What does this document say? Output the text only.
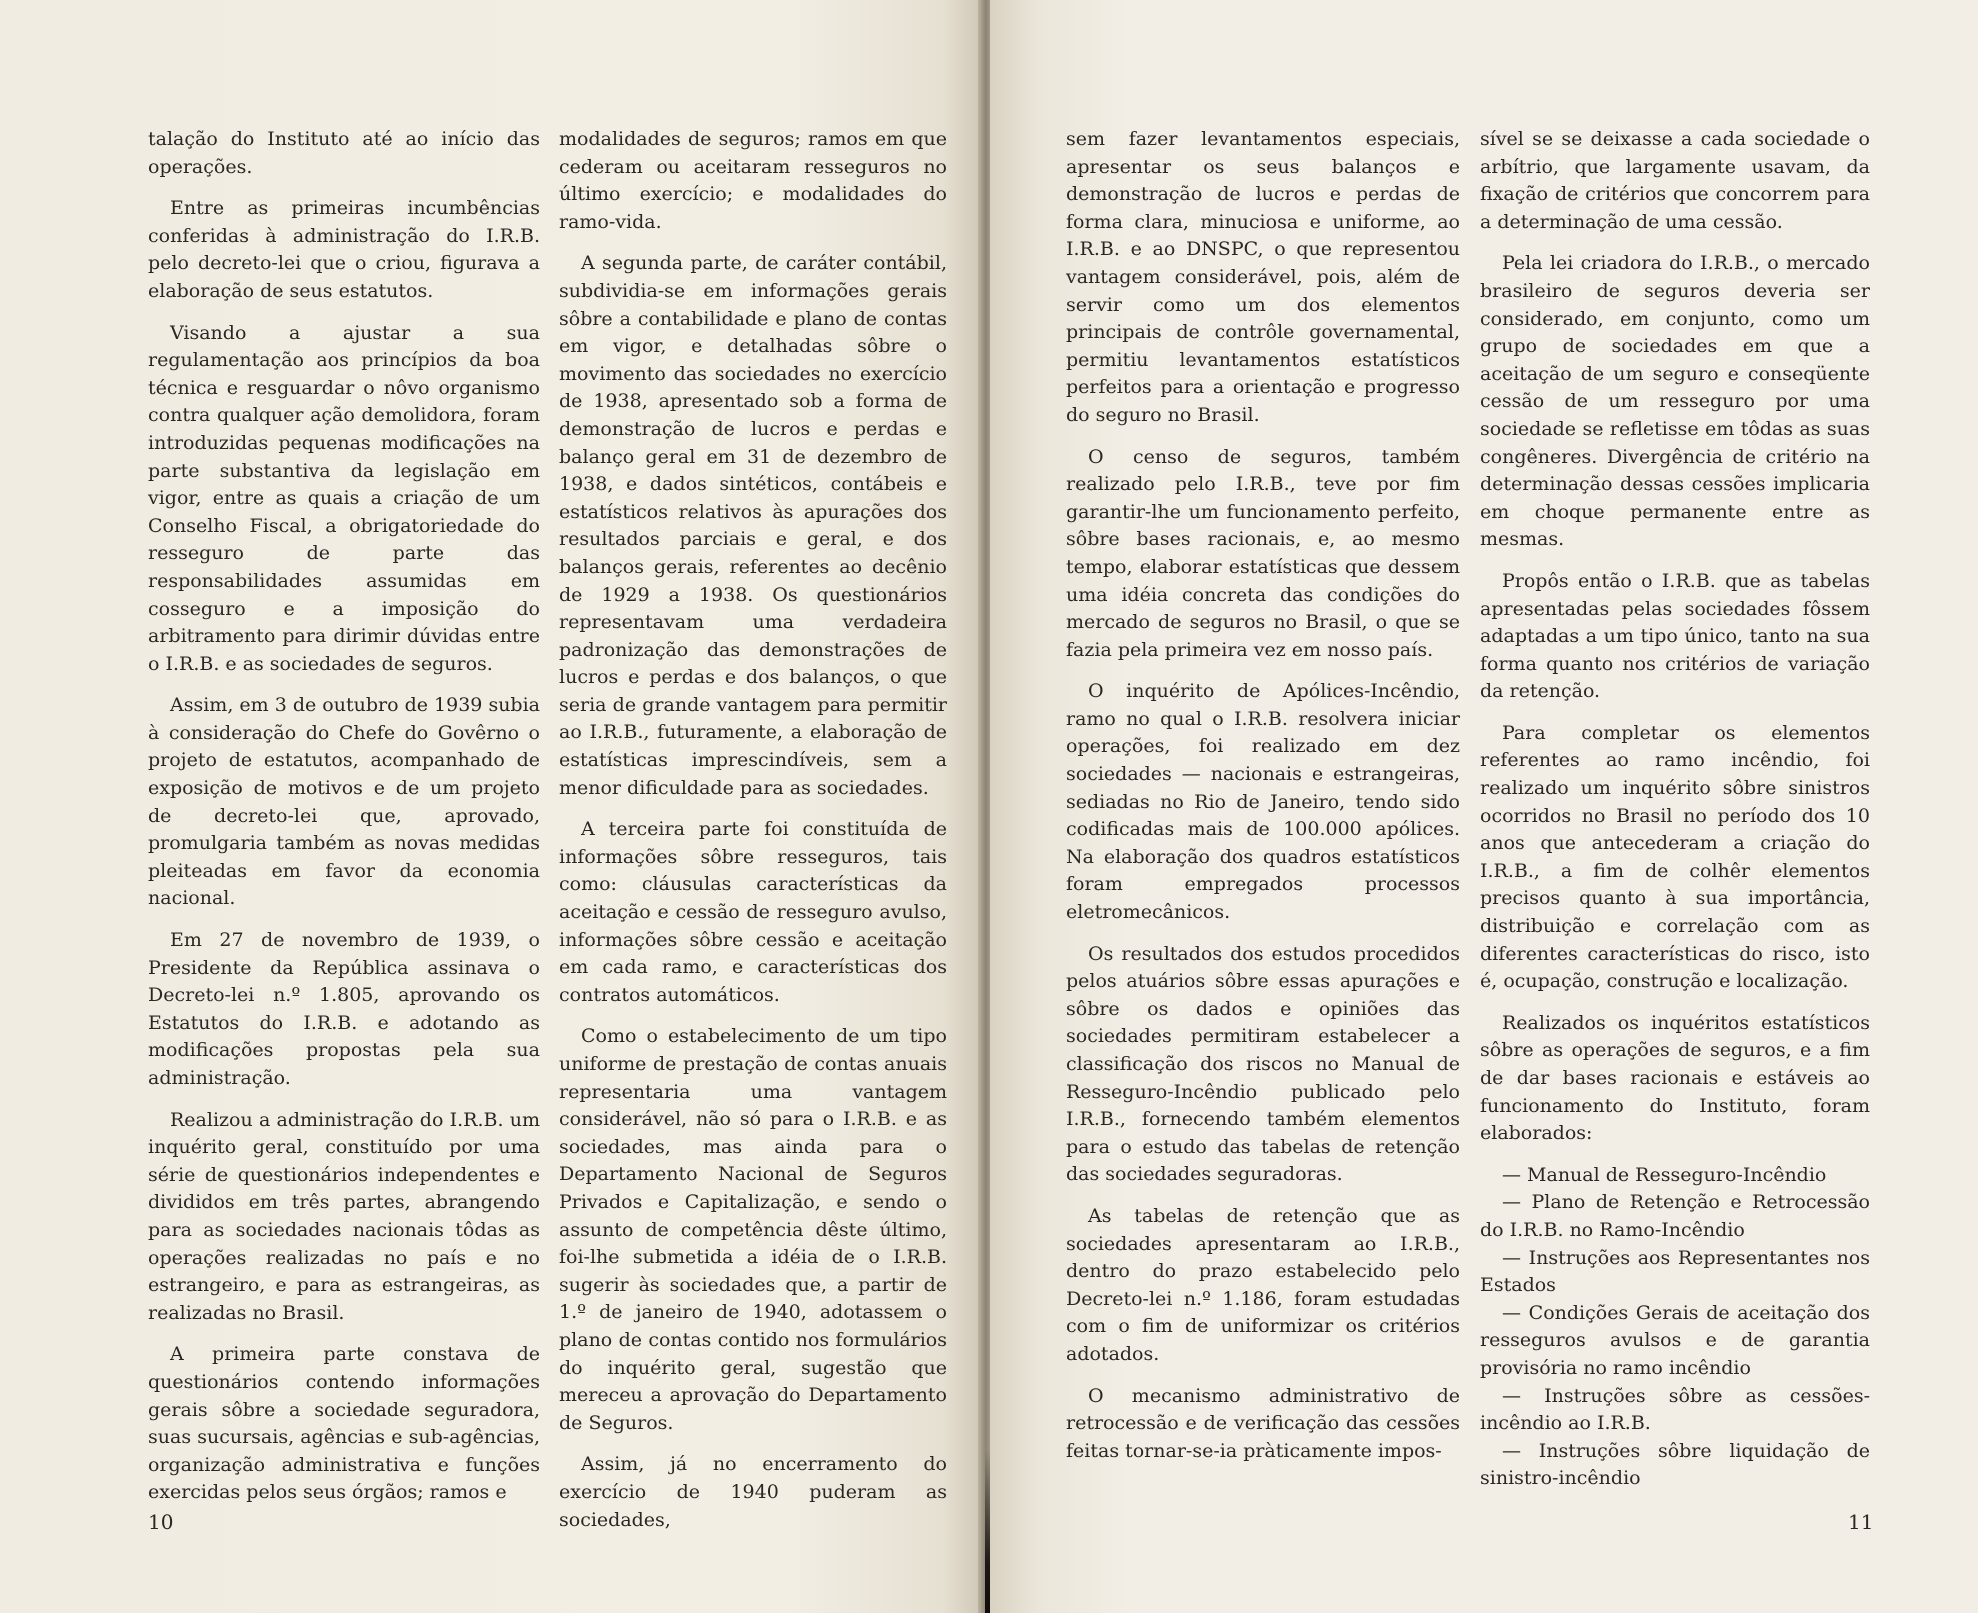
talação do Instituto até ao início das operações.

Entre as primeiras incumbências conferidas à administração do I.R.B. pelo decreto-lei que o criou, figurava a elaboração de seus estatutos.

Visando a ajustar a sua regulamentação aos princípios da boa técnica e resguardar o nôvo organismo contra qualquer ação demolidora, foram introduzidas pequenas modificações na parte substantiva da legislação em vigor, entre as quais a criação de um Conselho Fiscal, a obrigatoriedade do resseguro de parte das responsabilidades assumidas em cosseguro e a imposição do arbitramento para dirimir dúvidas entre o I.R.B. e as sociedades de seguros.

Assim, em 3 de outubro de 1939 subia à consideração do Chefe do Govêrno o projeto de estatutos, acompanhado de exposição de motivos e de um projeto de decreto-lei que, aprovado, promulgaria também as novas medidas pleiteadas em favor da economia nacional.

Em 27 de novembro de 1939, o Presidente da República assinava o Decreto-lei n.º 1.805, aprovando os Estatutos do I.R.B. e adotando as modificações propostas pela sua administração.

Realizou a administração do I.R.B. um inquérito geral, constituído por uma série de questionários independentes e divididos em três partes, abrangendo para as sociedades nacionais tôdas as operações realizadas no país e no estrangeiro, e para as estrangeiras, as realizadas no Brasil.

A primeira parte constava de questionários contendo informações gerais sôbre a sociedade seguradora, suas sucursais, agências e sub-agências, organização administrativa e funções exercidas pelos seus órgãos; ramos e

modalidades de seguros; ramos em que cederam ou aceitaram resseguros no último exercício; e modalidades do ramo-vida.

A segunda parte, de caráter contábil, subdividia-se em informações gerais sôbre a contabilidade e plano de contas em vigor, e detalhadas sôbre o movimento das sociedades no exercício de 1938, apresentado sob a forma de demonstração de lucros e perdas e balanço geral em 31 de dezembro de 1938, e dados sintéticos, contábeis e estatísticos relativos às apurações dos resultados parciais e geral, e dos balanços gerais, referentes ao decênio de 1929 a 1938. Os questionários representavam uma verdadeira padronização das demonstrações de lucros e perdas e dos balanços, o que seria de grande vantagem para permitir ao I.R.B., futuramente, a elaboração de estatísticas imprescindíveis, sem a menor dificuldade para as sociedades.

A terceira parte foi constituída de informações sôbre resseguros, tais como: cláusulas características da aceitação e cessão de resseguro avulso, informações sôbre cessão e aceitação em cada ramo, e características dos contratos automáticos.

Como o estabelecimento de um tipo uniforme de prestação de contas anuais representaria uma vantagem considerável, não só para o I.R.B. e as sociedades, mas ainda para o Departamento Nacional de Seguros Privados e Capitalização, e sendo o assunto de competência dêste último, foi-lhe submetida a idéia de o I.R.B. sugerir às sociedades que, a partir de 1.º de janeiro de 1940, adotassem o plano de contas contido nos formulários do inquérito geral, sugestão que mereceu a aprovação do Departamento de Seguros.

Assim, já no encerramento do exercício de 1940 puderam as sociedades,

10

sem fazer levantamentos especiais, apresentar os seus balanços e demonstração de lucros e perdas de forma clara, minuciosa e uniforme, ao I.R.B. e ao DNSPC, o que representou vantagem considerável, pois, além de servir como um dos elementos principais de contrôle governamental, permitiu levantamentos estatísticos perfeitos para a orientação e progresso do seguro no Brasil.

O censo de seguros, também realizado pelo I.R.B., teve por fim garantir-lhe um funcionamento perfeito, sôbre bases racionais, e, ao mesmo tempo, elaborar estatísticas que dessem uma idéia concreta das condições do mercado de seguros no Brasil, o que se fazia pela primeira vez em nosso país.

O inquérito de Apólices-Incêndio, ramo no qual o I.R.B. resolvera iniciar operações, foi realizado em dez sociedades — nacionais e estrangeiras, sediadas no Rio de Janeiro, tendo sido codificadas mais de 100.000 apólices. Na elaboração dos quadros estatísticos foram empregados processos eletromecânicos.

Os resultados dos estudos procedidos pelos atuários sôbre essas apurações e sôbre os dados e opiniões das sociedades permitiram estabelecer a classificação dos riscos no Manual de Resseguro-Incêndio publicado pelo I.R.B., fornecendo também elementos para o estudo das tabelas de retenção das sociedades seguradoras.

As tabelas de retenção que as sociedades apresentaram ao I.R.B., dentro do prazo estabelecido pelo Decreto-lei n.º 1.186, foram estudadas com o fim de uniformizar os critérios adotados.

O mecanismo administrativo de retrocessão e de verificação das cessões feitas tornar-se-ia pràticamente impos-

sível se se deixasse a cada sociedade o arbítrio, que largamente usavam, da fixação de critérios que concorrem para a determinação de uma cessão.

Pela lei criadora do I.R.B., o mercado brasileiro de seguros deveria ser considerado, em conjunto, como um grupo de sociedades em que a aceitação de um seguro e conseqüente cessão de um resseguro por uma sociedade se refletisse em tôdas as suas congêneres. Divergência de critério na determinação dessas cessões implicaria em choque permanente entre as mesmas.

Propôs então o I.R.B. que as tabelas apresentadas pelas sociedades fôssem adaptadas a um tipo único, tanto na sua forma quanto nos critérios de variação da retenção.

Para completar os elementos referentes ao ramo incêndio, foi realizado um inquérito sôbre sinistros ocorridos no Brasil no período dos 10 anos que antecederam a criação do I.R.B., a fim de colhêr elementos precisos quanto à sua importância, distribuição e correlação com as diferentes características do risco, isto é, ocupação, construção e localização.

Realizados os inquéritos estatísticos sôbre as operações de seguros, e a fim de dar bases racionais e estáveis ao funcionamento do Instituto, foram elaborados:

— Manual de Resseguro-Incêndio
— Plano de Retenção e Retrocessão do I.R.B. no Ramo-Incêndio
— Instruções aos Representantes nos Estados
— Condições Gerais de aceitação dos resseguros avulsos e de garantia provisória no ramo incêndio
— Instruções sôbre as cessões-incêndio ao I.R.B.
— Instruções sôbre liquidação de sinistro-incêndio
11
